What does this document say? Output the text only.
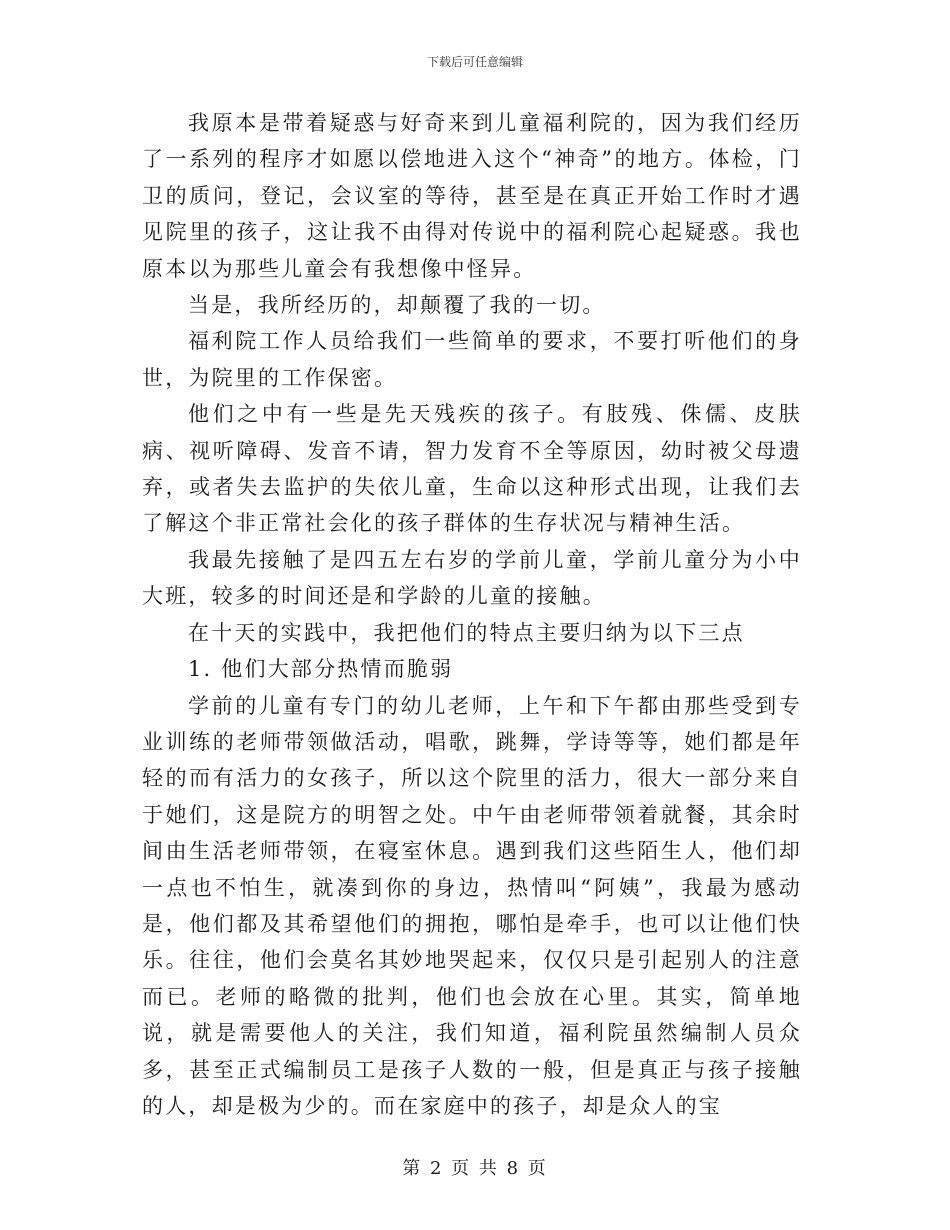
下载后可任意编辑

我原本是带着疑惑与好奇来到儿童福利院的，因为我们经历了一系列的程序才如愿以偿地进入这个“神奇”的地方。体检，门卫的质问，登记，会议室的等待，甚至是在真正开始工作时才遇见院里的孩子，这让我不由得对传说中的福利院心起疑惑。我也原本以为那些儿童会有我想像中怪异。

当是，我所经历的，却颠覆了我的一切。

福利院工作人员给我们一些简单的要求，不要打听他们的身世，为院里的工作保密。

他们之中有一些是先天残疾的孩子。有肢残、侏儒、皮肤病、视听障碍、发音不请，智力发育不全等原因，幼时被父母遗弃，或者失去监护的失依儿童，生命以这种形式出现，让我们去了解这个非正常社会化的孩子群体的生存状况与精神生活。

我最先接触了是四五左右岁的学前儿童，学前儿童分为小中大班，较多的时间还是和学龄的儿童的接触。

在十天的实践中，我把他们的特点主要归纳为以下三点

1. 他们大部分热情而脆弱

学前的儿童有专门的幼儿老师，上午和下午都由那些受到专业训练的老师带领做活动，唱歌，跳舞，学诗等等，她们都是年轻的而有活力的女孩子，所以这个院里的活力，很大一部分来自于她们，这是院方的明智之处。中午由老师带领着就餐，其余时间由生活老师带领，在寝室休息。遇到我们这些陌生人，他们却一点也不怕生，就凑到你的身边，热情叫“阿姨”，我最为感动是，他们都及其希望他们的拥抱，哪怕是牵手，也可以让他们快乐。往往，他们会莫名其妙地哭起来，仅仅只是引起别人的注意而已。老师的略微的批判，他们也会放在心里。其实，简单地说，就是需要他人的关注，我们知道，福利院虽然编制人员众多，甚至正式编制员工是孩子人数的一般，但是真正与孩子接触的人，却是极为少的。而在家庭中的孩子，却是众人的宝

第 2 页 共 8 页
